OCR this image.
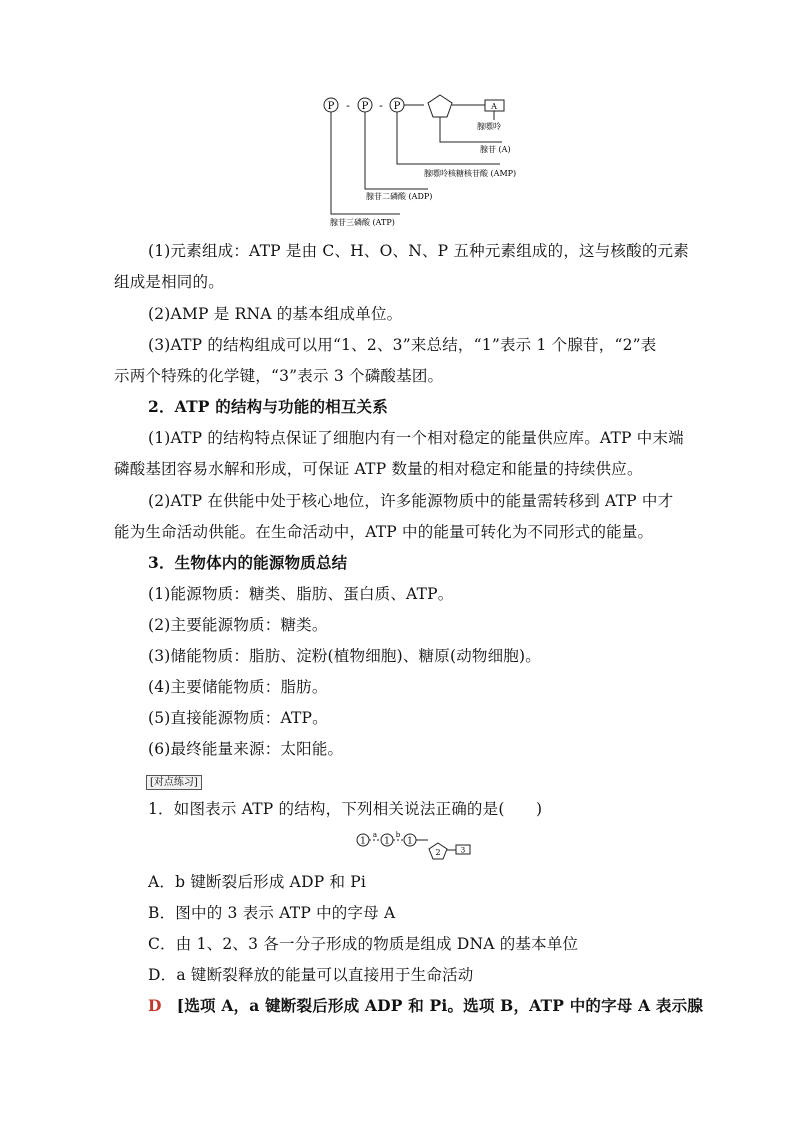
P - P - P	A
腺嘌呤
腺苷 (A)
腺嘌呤核糖核苷酸 (AMP)
腺苷二磷酸 (ADP)
腺苷三磷酸 (ATP)
(1)元素组成：ATP 是由 C、H、O、N、P 五种元素组成的，这与核酸的元素
组成是相同的。
(2)AMP 是 RNA 的基本组成单位。
(3)ATP 的结构组成可以用“1、2、3”来总结，“1”表示 1 个腺苷，“2”表
示两个特殊的化学键，“3”表示 3 个磷酸基团。
2．ATP 的结构与功能的相互关系
(1)ATP 的结构特点保证了细胞内有一个相对稳定的能量供应库。ATP 中末端
磷酸基团容易水解和形成，可保证 ATP 数量的相对稳定和能量的持续供应。
(2)ATP 在供能中处于核心地位，许多能源物质中的能量需转移到 ATP 中才
能为生命活动供能。在生命活动中，ATP 中的能量可转化为不同形式的能量。
3．生物体内的能源物质总结
(1)能源物质：糖类、脂肪、蛋白质、ATP。
(2)主要能源物质：糖类。
(3)储能物质：脂肪、淀粉(植物细胞)、糖原(动物细胞)。
(4)主要储能物质：脂肪。
(5)直接能源物质：ATP。
(6)最终能量来源：太阳能。
[对点练习]
1．如图表示 ATP 的结构，下列相关说法正确的是(　　)
1 1 1
a	b
2	3
A．b 键断裂后形成 ADP 和 Pi
B．图中的 3 表示 ATP 中的字母 A
C．由 1、2、3 各一分子形成的物质是组成 DNA 的基本单位
D．a 键断裂释放的能量可以直接用于生命活动
D [选项 A，a 键断裂后形成 ADP 和 Pi。选项 B，ATP 中的字母 A 表示腺
